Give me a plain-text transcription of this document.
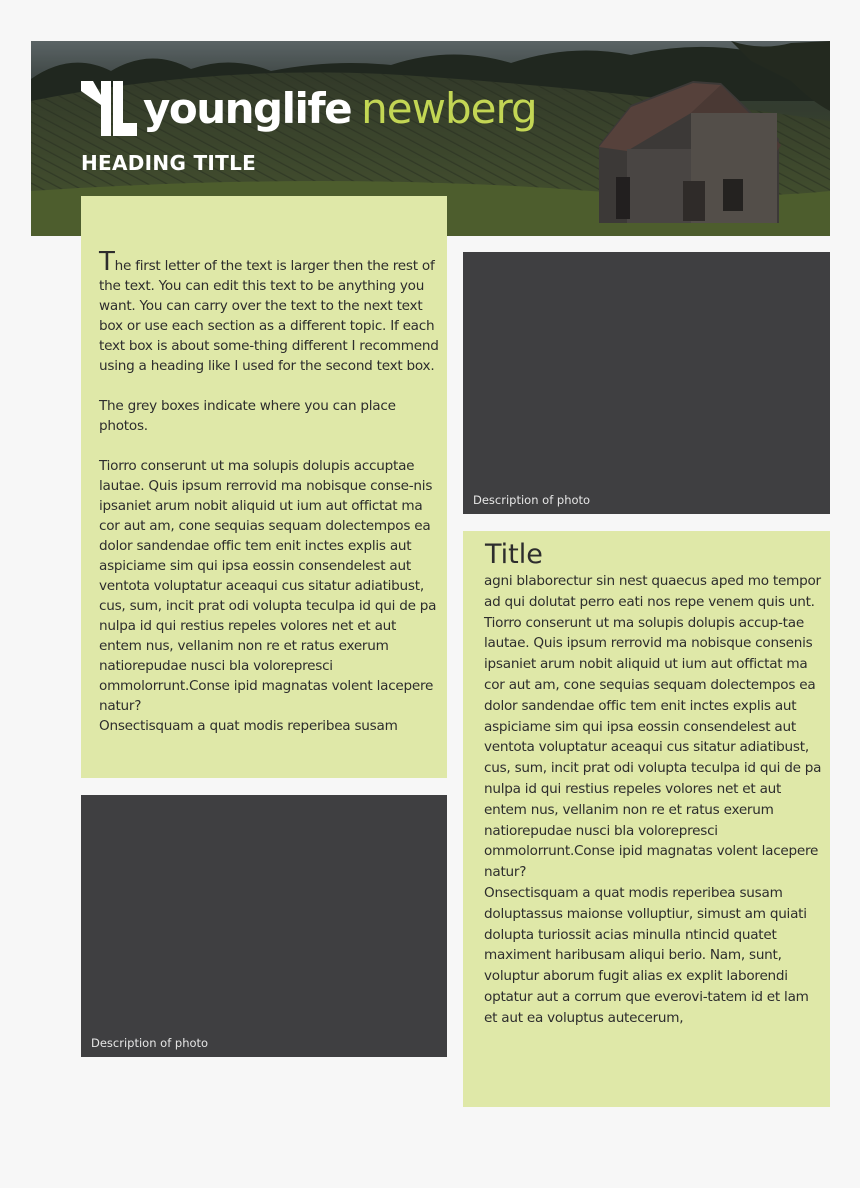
younglife newberg
HEADING TITLE

The first letter of the text is larger then the rest of the text. You can edit this text to be anything you want. You can carry over the text to the next text box or use each section as a different topic. If each text box is about some-thing different I recommend using a heading like I used for the second text box.

The grey boxes indicate where you can place photos.

Tiorro conserunt ut ma solupis dolupis accuptae lautae. Quis ipsum rerrovid ma nobisque conse-nis ipsaniet arum nobit aliquid ut ium aut offictat ma cor aut am, cone sequias sequam dolectempos ea dolor sandendae offic tem enit inctes explis aut aspiciame sim qui ipsa eossin consendelest aut ventota voluptatur aceaqui cus sitatur adiatibust, cus, sum, incit prat odi volupta teculpa id qui de pa nulpa id qui restius repeles volores net et aut entem nus, vellanim non re et ratus exerum natiorepudae nusci bla volorepresci ommolorrunt.Conse ipid magnatas volent lacepere natur?

Onsectisquam a quat modis reperibea susam

Description of photo
Title

agni blaborectur sin nest quaecus aped mo tempor ad qui dolutat perro eati nos repe venem quis unt.

Tiorro conserunt ut ma solupis dolupis accup-tae lautae. Quis ipsum rerrovid ma nobisque consenis ipsaniet arum nobit aliquid ut ium aut offictat ma cor aut am, cone sequias sequam dolectempos ea dolor sandendae offic tem enit inctes explis aut aspiciame sim qui ipsa eossin consendelest aut ventota voluptatur aceaqui cus sitatur adiatibust, cus, sum, incit prat odi volupta teculpa id qui de pa nulpa id qui restius repeles volores net et aut entem nus, vellanim non re et ratus exerum natiorepudae nusci bla volorepresci ommolorrunt.Conse ipid magnatas volent lacepere natur?

Onsectisquam a quat modis reperibea susam doluptassus maionse volluptiur, simust am quiati dolupta turiossit acias minulla ntincid quatet maximent haribusam aliqui berio. Nam, sunt, voluptur aborum fugit alias ex explit laborendi optatur aut a corrum que everovi-tatem id et lam et aut ea voluptus autecerum,

Description of photo
